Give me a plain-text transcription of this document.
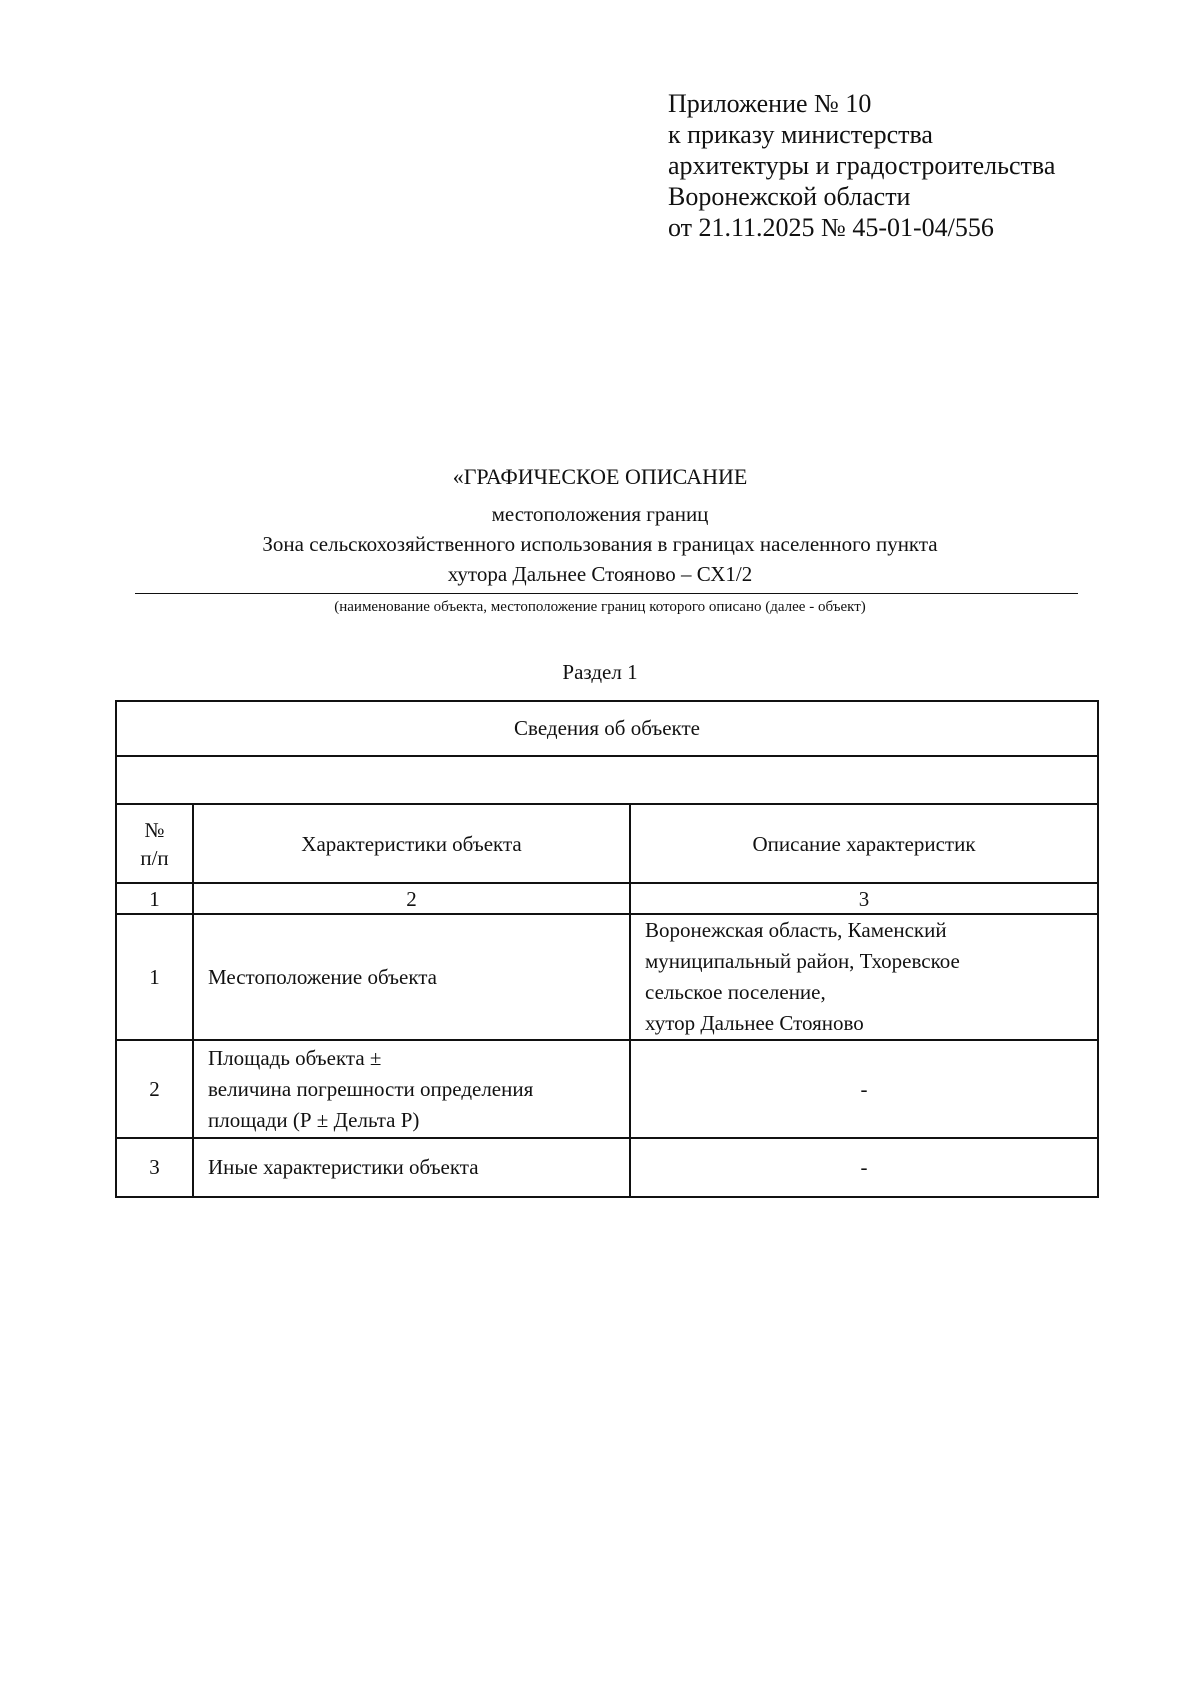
Приложение № 10
к приказу министерства
архитектуры и градостроительства
Воронежской области
от 21.11.2025 № 45-01-04/556
«ГРАФИЧЕСКОЕ ОПИСАНИЕ
местоположения границ
Зона сельскохозяйственного использования в границах населенного пункта
хутора Дальнее Стояново – СХ1/2
(наименование объекта, местоположение границ которого описано (далее - объект)
Раздел 1
Сведения об объекте		

№
п/п	Характеристики объекта	Описание характеристик
1	2	3
1	Местоположение объекта	Воронежская область, Каменский
муниципальный район, Тхоревское
сельское поселение,
хутор Дальнее Стояново
2	Площадь объекта ±
величина погрешности определения
площади (Р ± Дельта Р)	-
3	Иные характеристики объекта	-
